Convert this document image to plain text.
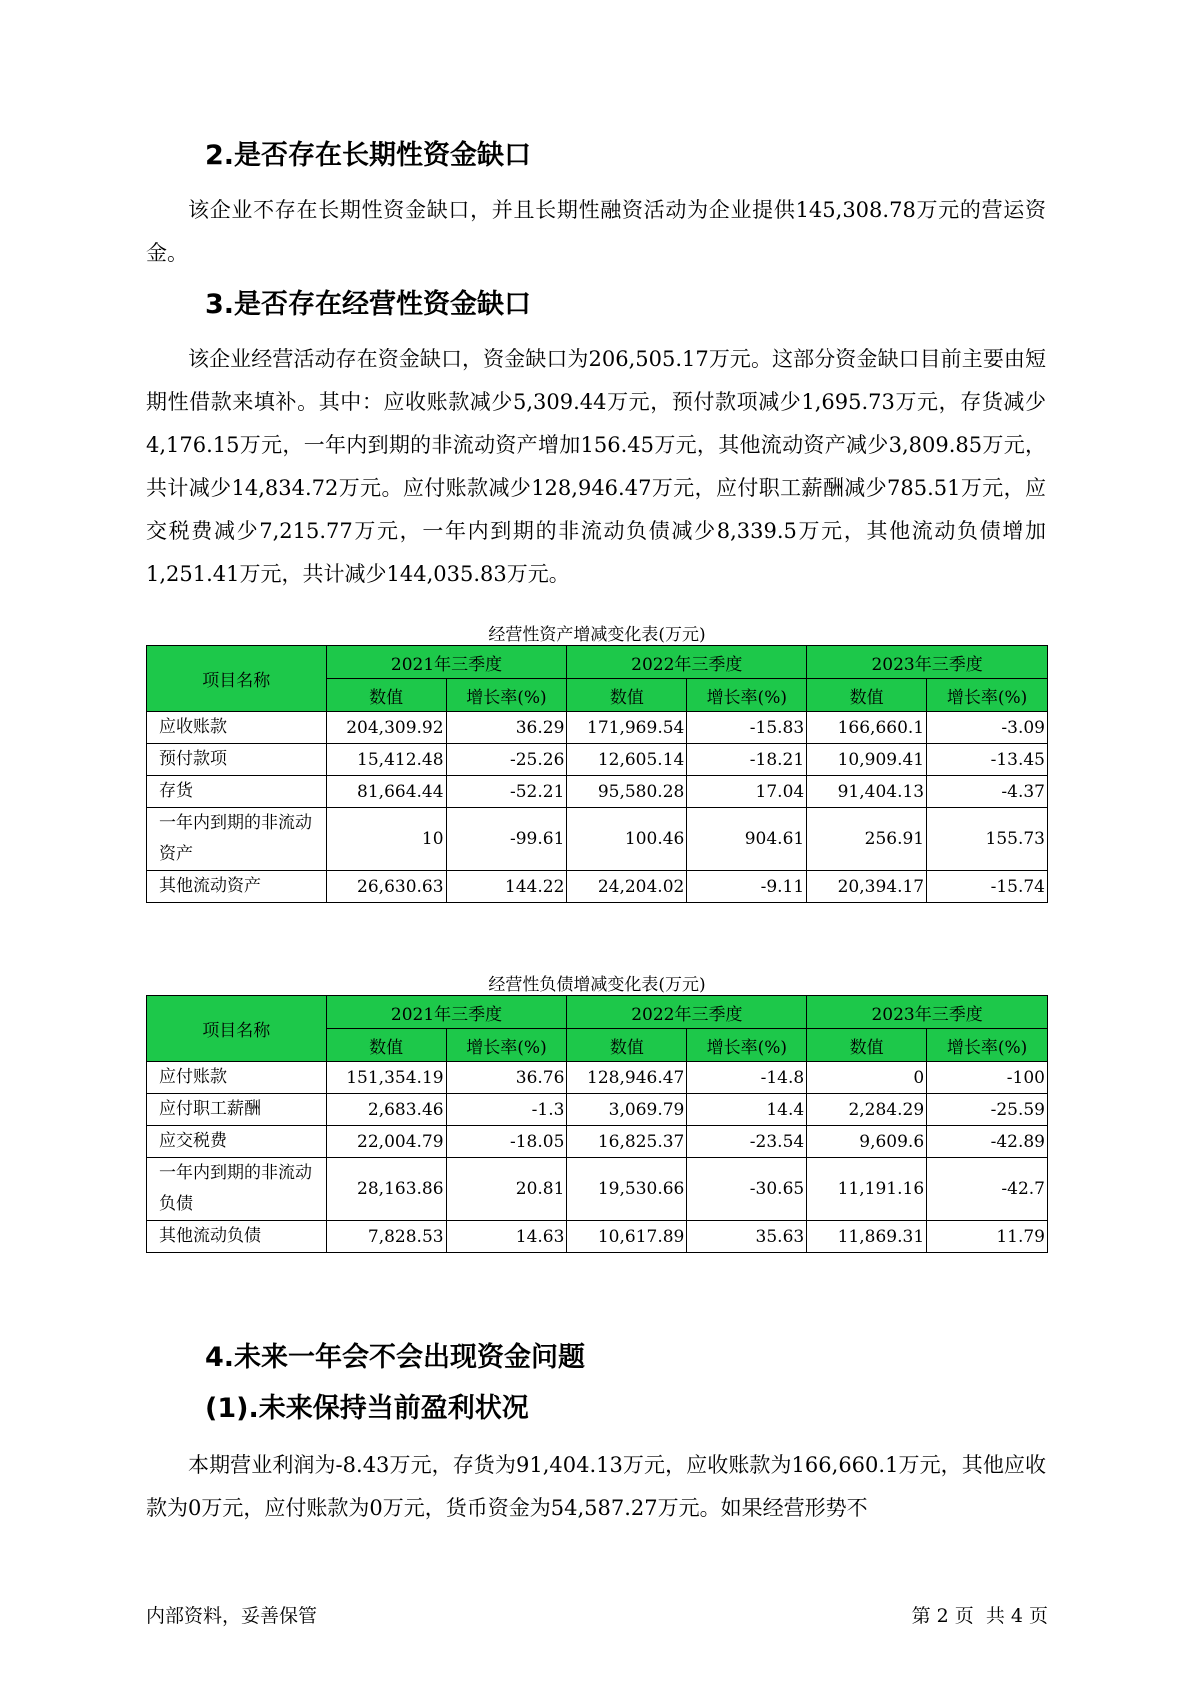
2.是否存在长期性资金缺口

该企业不存在长期性资金缺口，并且长期性融资活动为企业提供145,308.78万元的营运资金。

3.是否存在经营性资金缺口

该企业经营活动存在资金缺口，资金缺口为206,505.17万元。这部分资金缺口目前主要由短期性借款来填补。其中：应收账款减少5,309.44万元，预付款项减少1,695.73万元，存货减少4,176.15万元，一年内到期的非流动资产增加156.45万元，其他流动资产减少3,809.85万元，共计减少14,834.72万元。应付账款减少128,946.47万元，应付职工薪酬减少785.51万元，应交税费减少7,215.77万元，一年内到期的非流动负债减少8,339.5万元，其他流动负债增加1,251.41万元，共计减少144,035.83万元。

经营性资产增减变化表(万元)
项目名称	2021年三季度		2022年三季度		2023年三季度	
	数值	增长率(%)	数值	增长率(%)	数值	增长率(%)
应收账款	204,309.92	36.29	171,969.54	-15.83	166,660.1	-3.09
预付款项	15,412.48	-25.26	12,605.14	-18.21	10,909.41	-13.45
存货	81,664.44	-52.21	95,580.28	17.04	91,404.13	-4.37
一年内到期的非流动资产	10	-99.61	100.46	904.61	256.91	155.73
其他流动资产	26,630.63	144.22	24,204.02	-9.11	20,394.17	-15.74
经营性负债增减变化表(万元)
项目名称	2021年三季度		2022年三季度		2023年三季度	
	数值	增长率(%)	数值	增长率(%)	数值	增长率(%)
应付账款	151,354.19	36.76	128,946.47	-14.8	0	-100
应付职工薪酬	2,683.46	-1.3	3,069.79	14.4	2,284.29	-25.59
应交税费	22,004.79	-18.05	16,825.37	-23.54	9,609.6	-42.89
一年内到期的非流动负债	28,163.86	20.81	19,530.66	-30.65	11,191.16	-42.7
其他流动负债	7,828.53	14.63	10,617.89	35.63	11,869.31	11.79
4.未来一年会不会出现资金问题
(1).未来保持当前盈利状况

本期营业利润为-8.43万元，存货为91,404.13万元，应收账款为166,660.1万元，其他应收款为0万元，应付账款为0万元，货币资金为54,587.27万元。如果经营形势不

内部资料，妥善保管	第 2 页  共 4 页
